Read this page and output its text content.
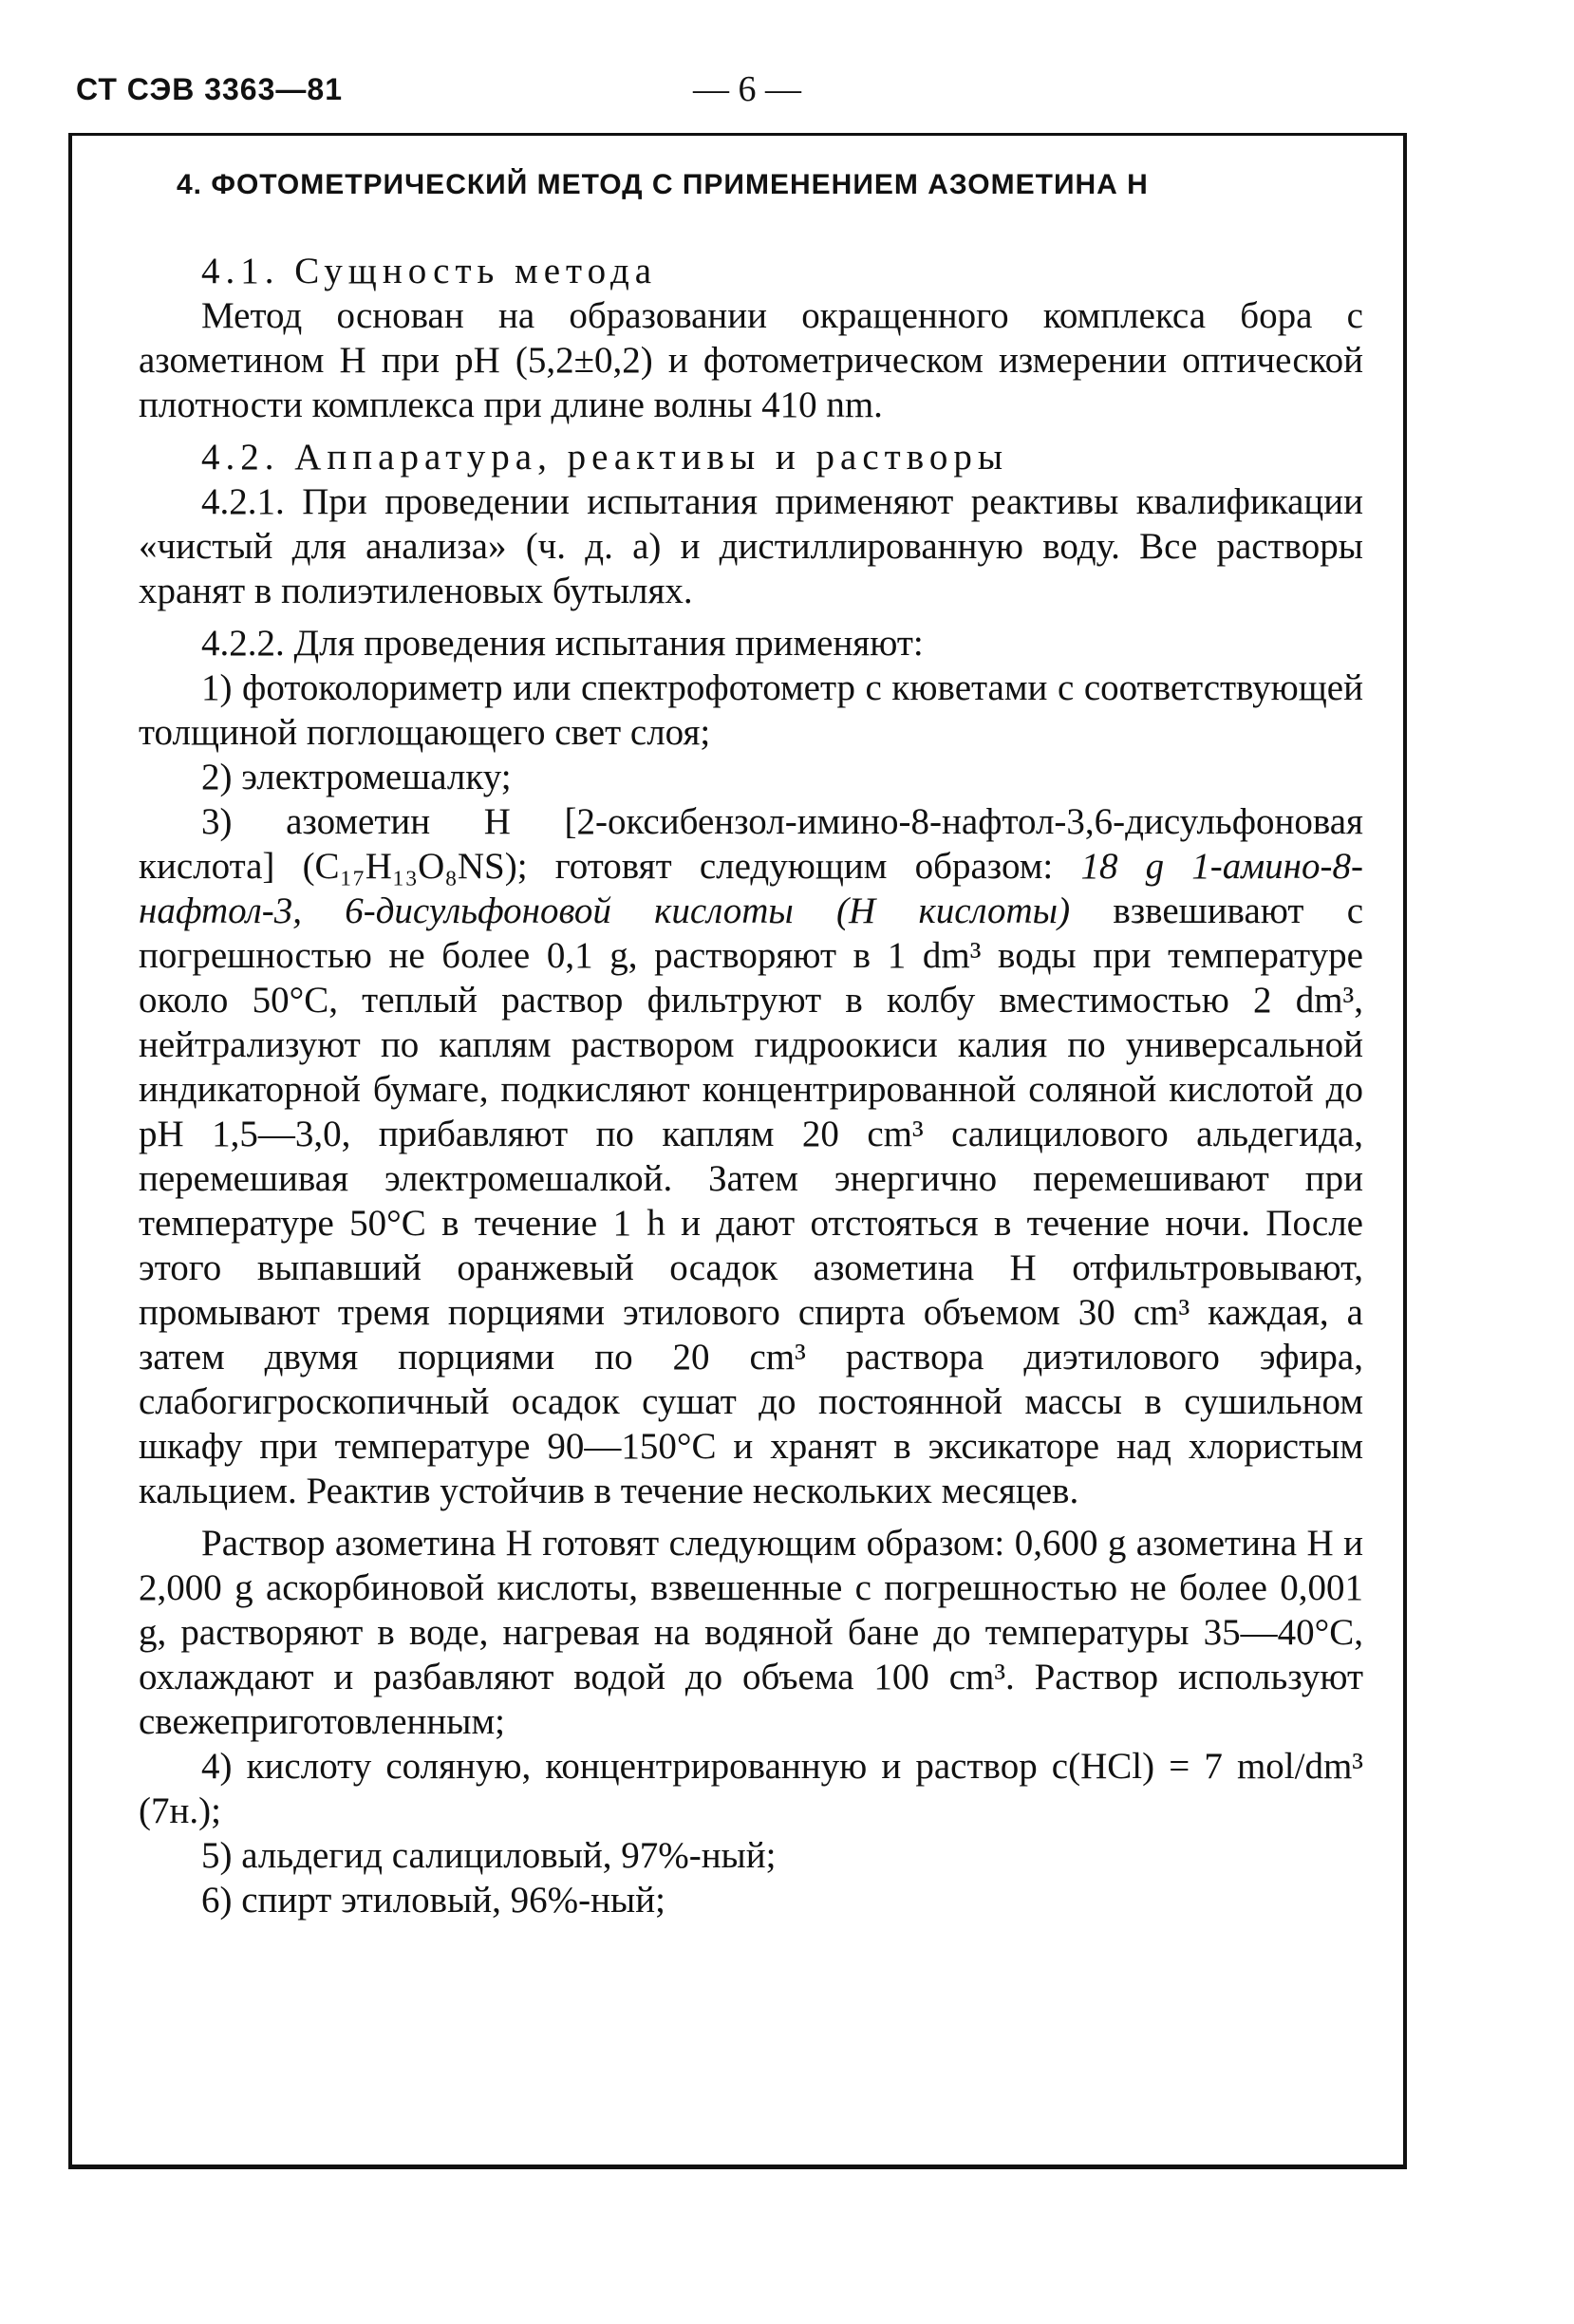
СТ СЭВ 3363—81	— 6 —
4. ФОТОМЕТРИЧЕСКИЙ МЕТОД С ПРИМЕНЕНИЕМ АЗОМЕТИНА Н

4.1. Сущность метода

Метод основан на образовании окращенного комплекса бора с азометином Н при рН (5,2±0,2) и фотометрическом измерении оптической плотности комплекса при длине волны 410 nm.

4.2. Аппаратура, реактивы и растворы

4.2.1. При проведении испытания применяют реактивы квалификации «чистый для анализа» (ч. д. а) и дистиллированную воду. Все растворы хранят в полиэтиленовых бутылях.

4.2.2. Для проведения испытания применяют:

1) фотоколориметр или спектрофотометр с кюветами с соответствующей толщиной поглощающего свет слоя;

2) электромешалку;

3) азометин Н [2-оксибензол-имино-8-нафтол-3,6-дисульфоновая кислота] (C₁₇H₁₃O₈NS); готовят следующим образом: 18 g 1-амино-8-нафтол-3, 6-дисульфоновой кислоты (Н кислоты) взвешивают с погрешностью не более 0,1 g, растворяют в 1 dm³ воды при температуре около 50°С, теплый раствор фильтруют в колбу вместимостью 2 dm³, нейтрализуют по каплям раствором гидроокиси калия по универсальной индикаторной бумаге, подкисляют концентрированной соляной кислотой до рН 1,5—3,0, прибавляют по каплям 20 cm³ салицилового альдегида, перемешивая электромешалкой. Затем энергично перемешивают при температуре 50°С в течение 1 h и дают отстояться в течение ночи. После этого выпавший оранжевый осадок азометина Н отфильтровывают, промывают тремя порциями этилового спирта объемом 30 cm³ каждая, а затем двумя порциями по 20 cm³ раствора диэтилового эфира, слабогигроскопичный осадок сушат до постоянной массы в сушильном шкафу при температуре 90—150°С и хранят в эксикаторе над хлористым кальцием. Реактив устойчив в течение нескольких месяцев.

Раствор азометина Н готовят следующим образом: 0,600 g азометина Н и 2,000 g аскорбиновой кислоты, взвешенные с погрешностью не более 0,001 g, растворяют в воде, нагревая на водяной бане до температуры 35—40°С, охлаждают и разбавляют водой до объема 100 cm³. Раствор используют свежеприготовленным;

4) кислоту соляную, концентрированную и раствор c(HCl) = 7 mol/dm³ (7н.);

5) альдегид салициловый, 97%-ный;

6) спирт этиловый, 96%-ный;
